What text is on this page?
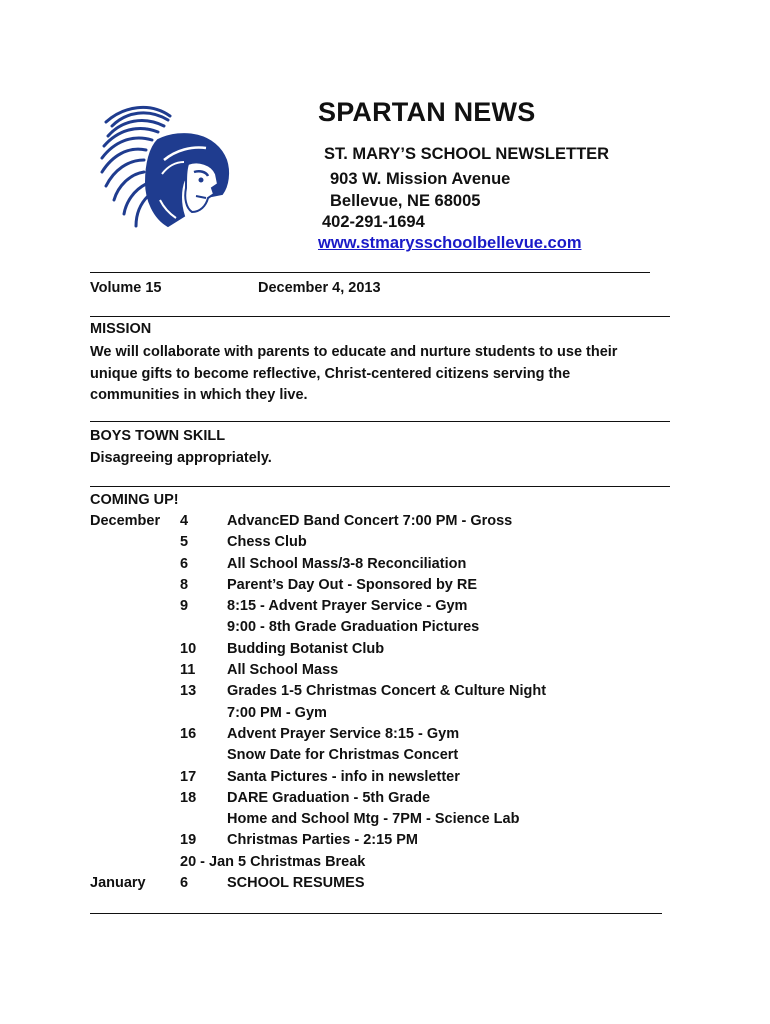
SPARTAN NEWS
ST. MARY’S SCHOOL NEWSLETTER
903 W. Mission Avenue
Bellevue, NE 68005
402-291-1694
www.stmarysschoolbellevue.com
Volume 15	December 4, 2013
MISSION
We will collaborate with parents to educate and nurture students to use their
unique gifts to become reflective, Christ-centered citizens serving the
communities in which they live.
BOYS TOWN SKILL
Disagreeing appropriately.
COMING UP!
December 4	AdvancED Band Concert 7:00 PM - Gross
5	Chess Club
6	All School Mass/3-8 Reconciliation
8	Parent’s Day Out - Sponsored by RE
9	8:15 - Advent Prayer Service - Gym
9:00 - 8th Grade Graduation Pictures
10 Budding Botanist Club
11 All School Mass
13 Grades 1-5 Christmas Concert & Culture Night
7:00 PM - Gym
16 Advent Prayer Service 8:15 - Gym
Snow Date for Christmas Concert
17 Santa Pictures - info in newsletter
18 DARE Graduation - 5th Grade
Home and School Mtg - 7PM - Science Lab
19 Christmas Parties - 2:15 PM
20 - Jan 5 Christmas Break
January 6	SCHOOL RESUMES
